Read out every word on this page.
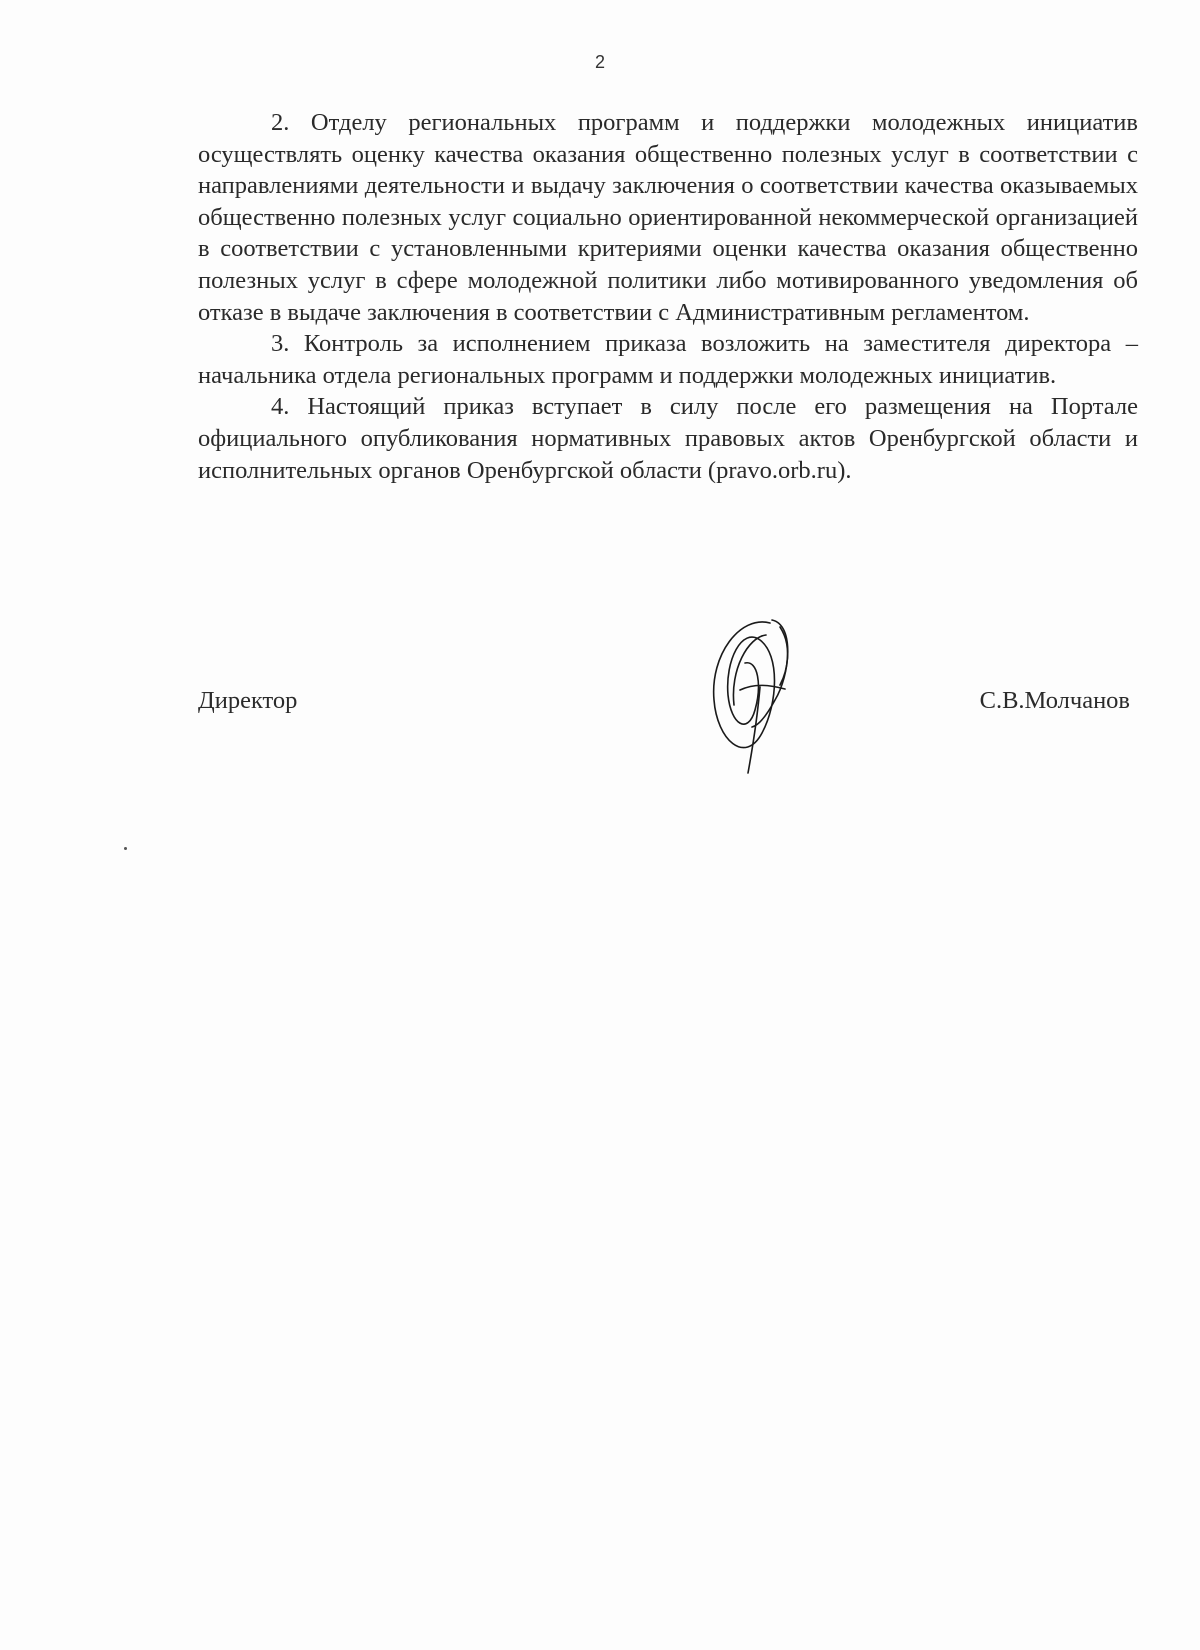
2

2. Отделу региональных программ и поддержки молодежных инициатив осуществлять оценку качества оказания общественно полезных услуг в соответствии с направлениями деятельности и выдачу заключения о соответствии качества оказываемых общественно полезных услуг социально ориентированной некоммерческой организацией в соответствии с установленными критериями оценки качества оказания общественно полезных услуг в сфере молодежной политики либо мотивированного уведомления об отказе в выдаче заключения в соответствии с Административным регламентом.

3. Контроль за исполнением приказа возложить на заместителя директора – начальника отдела региональных программ и поддержки молодежных инициатив.

4. Настоящий приказ вступает в силу после его размещения на Портале официального опубликования нормативных правовых актов Оренбургской области и исполнительных органов Оренбургской области (pravo.orb.ru).

Директор	С.В.Молчанов
